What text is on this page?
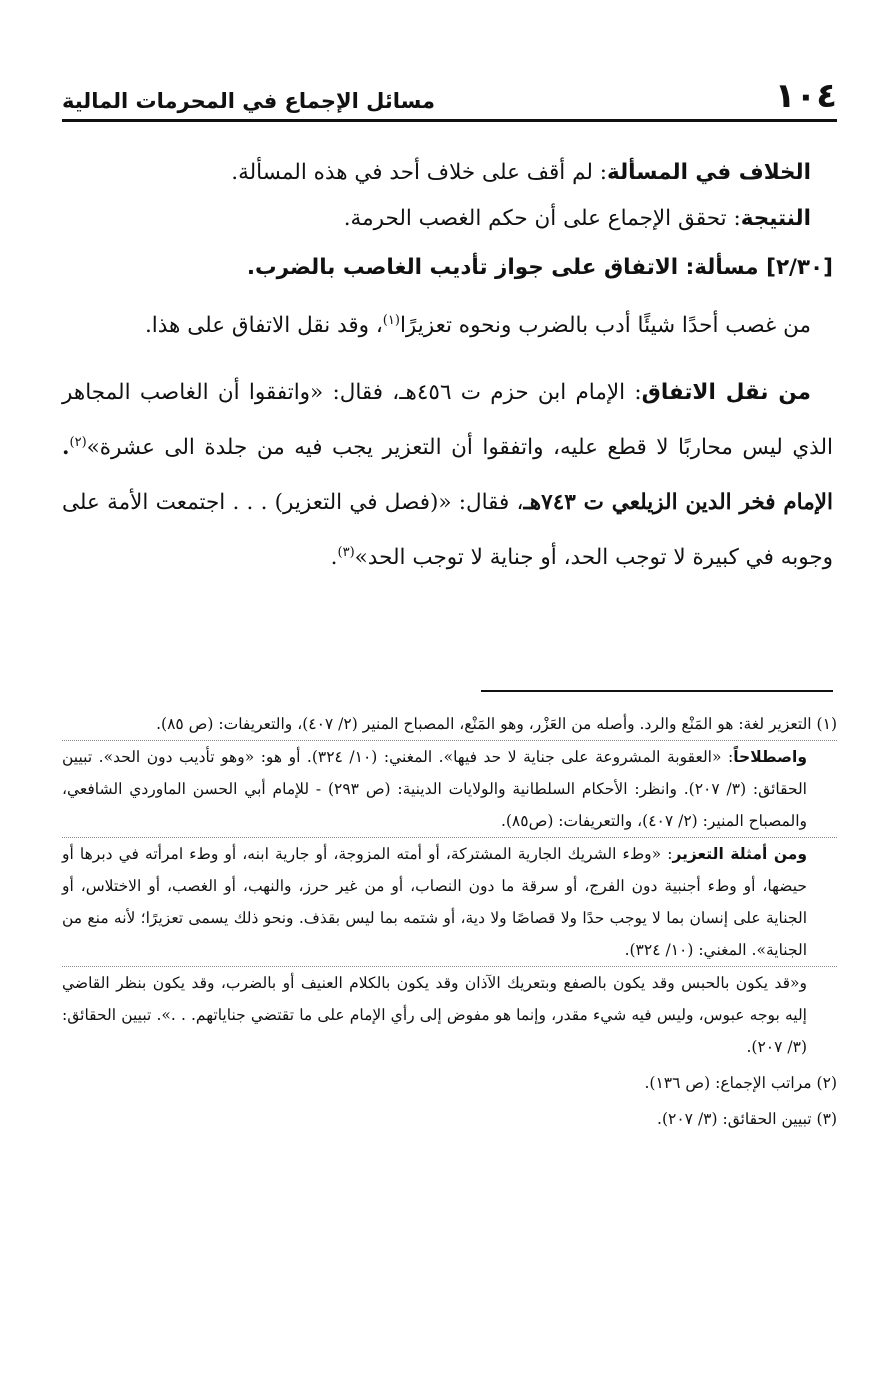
١٠٤
مسائل الإجماع في المحرمات المالية

الخلاف في المسألة: لم أقف على خلاف أحد في هذه المسألة.

النتيجة: تحقق الإجماع على أن حكم الغصب الحرمة.

[٢/٣٠] مسألة: الاتفاق على جواز تأديب الغاصب بالضرب.

من غصب أحدًا شيئًا أدب بالضرب ونحوه تعزيرًا$^{(١)}$، وقد نقل الاتفاق على هذا.

من نقل الاتفاق: الإمام ابن حزم ت ٤٥٦هـ، فقال: «واتفقوا أن الغاصب المجاهر الذي ليس محاربًا لا قطع عليه، واتفقوا أن التعزير يجب فيه من جلدة الى عشرة»$^{(٢)}$. الإمام فخر الدين الزيلعي ت ٧٤٣هـ، فقال: «(فصل في التعزير) . . . اجتمعت الأمة على وجوبه في كبيرة لا توجب الحد، أو جناية لا توجب الحد»$^{(٣)}$.

(١) التعزير لغة: هو المَنْع والرد. وأصله من العَزْر، وهو المَنْع، المصباح المنير (٢/ ٤٠٧)، والتعريفات: (ص ٨٥).

واصطلاحاً: «العقوبة المشروعة على جناية لا حد فيها». المغني: (١٠/ ٣٢٤). أو هو: «وهو تأديب دون الحد». تبيين الحقائق: (٣/ ٢٠٧). وانظر: الأحكام السلطانية والولايات الدينية: (ص ٢٩٣) - للإمام أبي الحسن الماوردي الشافعي، والمصباح المنير: (٢/ ٤٠٧)، والتعريفات: (ص٨٥).

ومن أمثلة التعزير: «وطء الشريك الجارية المشتركة، أو أمته المزوجة، أو جارية ابنه، أو وطء امرأته في دبرها أو حيضها، أو وطء أجنبية دون الفرج، أو سرقة ما دون النصاب، أو من غير حرز، والنهب، أو الغصب، أو الاختلاس، أو الجناية على إنسان بما لا يوجب حدًا ولا قصاصًا ولا دية، أو شتمه بما ليس بقذف. ونحو ذلك يسمى تعزيرًا؛ لأنه منع من الجناية». المغني: (١٠/ ٣٢٤).

و«قد يكون بالحبس وقد يكون بالصفع وبتعريك الآذان وقد يكون بالكلام العنيف أو بالضرب، وقد يكون بنظر القاضي إليه بوجه عبوس، وليس فيه شيء مقدر، وإنما هو مفوض إلى رأي الإمام على ما تقتضي جناياتهم. . .». تبيين الحقائق: (٣/ ٢٠٧).

(٢) مراتب الإجماع: (ص ١٣٦).

(٣) تبيين الحقائق: (٣/ ٢٠٧).
